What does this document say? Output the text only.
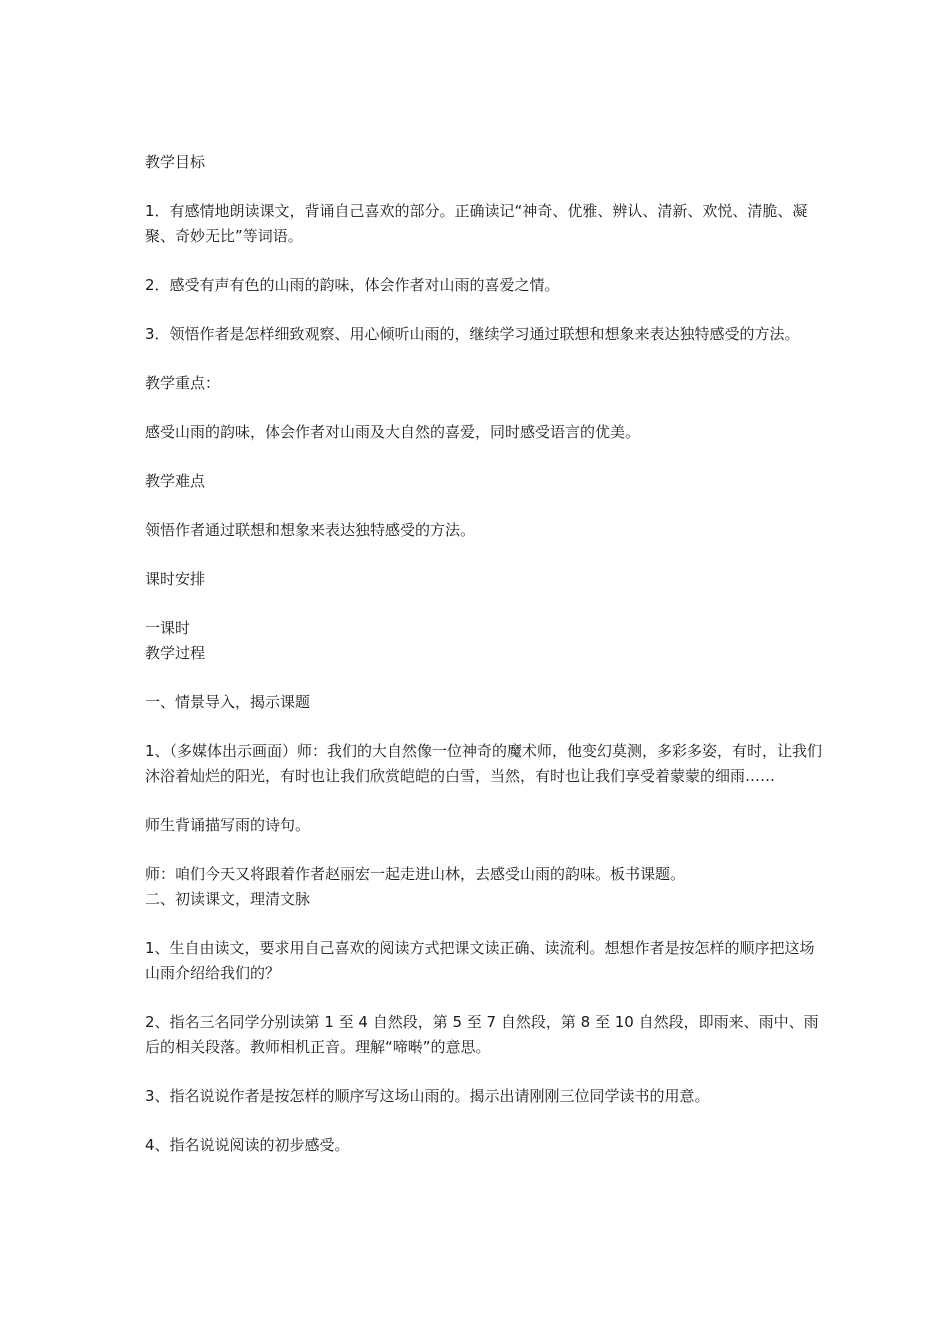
教学目标

1．有感情地朗读课文，背诵自己喜欢的部分。正确读记“神奇、优雅、辨认、清新、欢悦、清脆、凝聚、奇妙无比”等词语。

2．感受有声有色的山雨的韵味，体会作者对山雨的喜爱之情。

3．领悟作者是怎样细致观察、用心倾听山雨的，继续学习通过联想和想象来表达独特感受的方法。

教学重点：

感受山雨的韵味，体会作者对山雨及大自然的喜爱，同时感受语言的优美。

教学难点

领悟作者通过联想和想象来表达独特感受的方法。

课时安排

一课时

教学过程

一、情景导入，揭示课题

1、（多媒体出示画面）师：我们的大自然像一位神奇的魔术师，他变幻莫测，多彩多姿，有时，让我们沐浴着灿烂的阳光，有时也让我们欣赏皑皑的白雪，当然，有时也让我们享受着蒙蒙的细雨……

师生背诵描写雨的诗句。

师：咱们今天又将跟着作者赵丽宏一起走进山林，去感受山雨的韵味。板书课题。

二、初读课文，理清文脉

1、生自由读文，要求用自己喜欢的阅读方式把课文读正确、读流利。想想作者是按怎样的顺序把这场山雨介绍给我们的？

2、指名三名同学分别读第 1 至 4 自然段，第 5 至 7 自然段，第 8 至 10 自然段，即雨来、雨中、雨后的相关段落。教师相机正音。理解“啼啭”的意思。

3、指名说说作者是按怎样的顺序写这场山雨的。揭示出请刚刚三位同学读书的用意。

4、指名说说阅读的初步感受。
